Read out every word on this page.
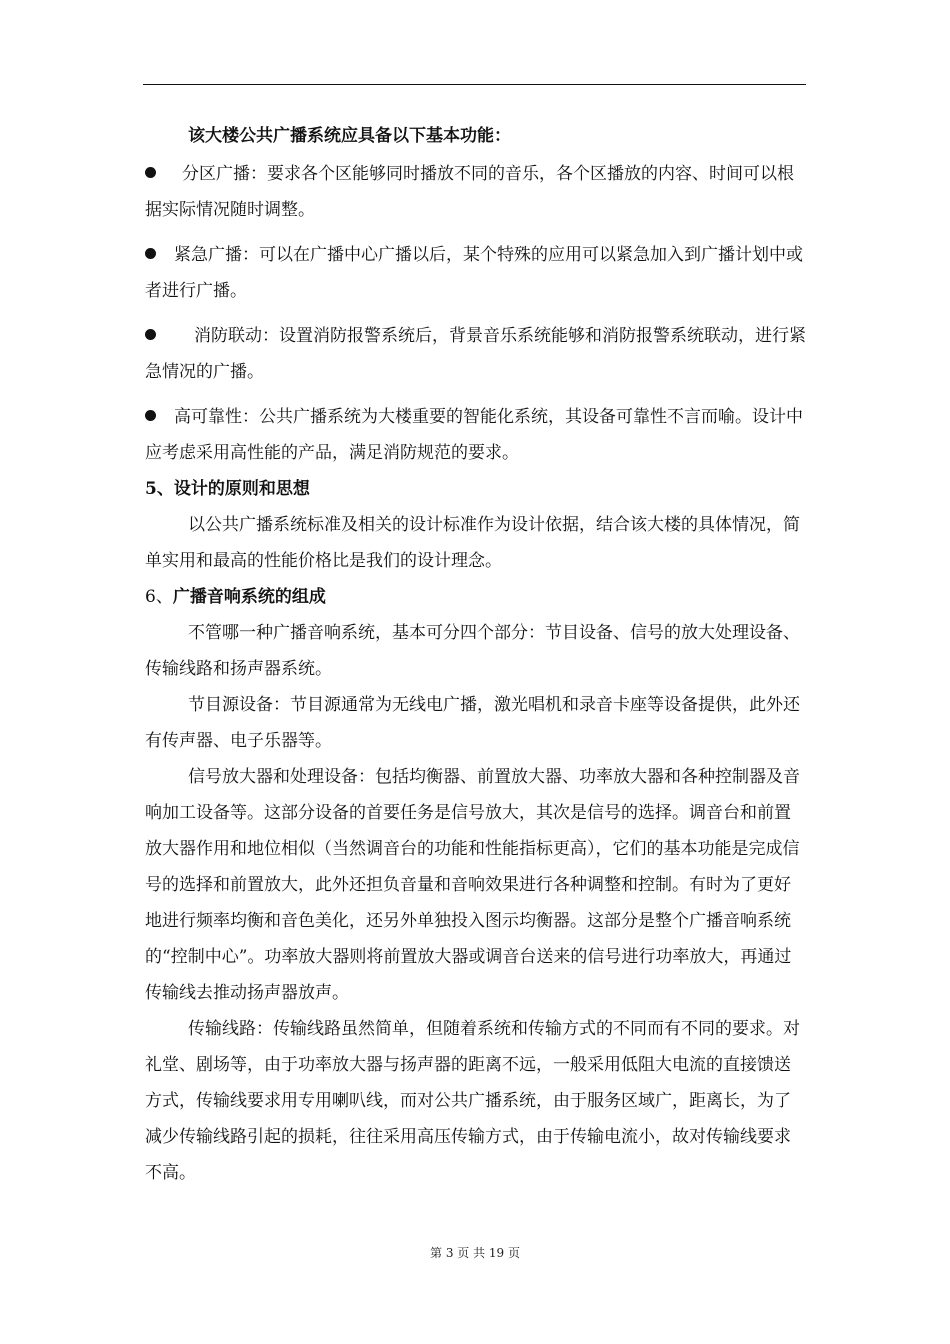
该大楼公共广播系统应具备以下基本功能：

分区广播：要求各个区能够同时播放不同的音乐，各个区播放的内容、时间可以根据实际情况随时调整。

紧急广播：可以在广播中心广播以后，某个特殊的应用可以紧急加入到广播计划中或者进行广播。

消防联动：设置消防报警系统后，背景音乐系统能够和消防报警系统联动，进行紧急情况的广播。

高可靠性：公共广播系统为大楼重要的智能化系统，其设备可靠性不言而喻。设计中应考虑采用高性能的产品，满足消防规范的要求。

5、设计的原则和思想

以公共广播系统标准及相关的设计标准作为设计依据，结合该大楼的具体情况，简单实用和最高的性能价格比是我们的设计理念。

6、广播音响系统的组成

不管哪一种广播音响系统，基本可分四个部分：节目设备、信号的放大处理设备、传输线路和扬声器系统。

节目源设备：节目源通常为无线电广播，激光唱机和录音卡座等设备提供，此外还有传声器、电子乐器等。

信号放大器和处理设备：包括均衡器、前置放大器、功率放大器和各种控制器及音响加工设备等。这部分设备的首要任务是信号放大，其次是信号的选择。调音台和前置放大器作用和地位相似（当然调音台的功能和性能指标更高），它们的基本功能是完成信号的选择和前置放大，此外还担负音量和音响效果进行各种调整和控制。有时为了更好地进行频率均衡和音色美化，还另外单独投入图示均衡器。这部分是整个广播音响系统的“控制中心”。功率放大器则将前置放大器或调音台送来的信号进行功率放大，再通过传输线去推动扬声器放声。

传输线路：传输线路虽然简单，但随着系统和传输方式的不同而有不同的要求。对礼堂、剧场等，由于功率放大器与扬声器的距离不远，一般采用低阻大电流的直接馈送方式，传输线要求用专用喇叭线，而对公共广播系统，由于服务区域广，距离长，为了减少传输线路引起的损耗，往往采用高压传输方式，由于传输电流小，故对传输线要求不高。

第 3 页 共 19 页
